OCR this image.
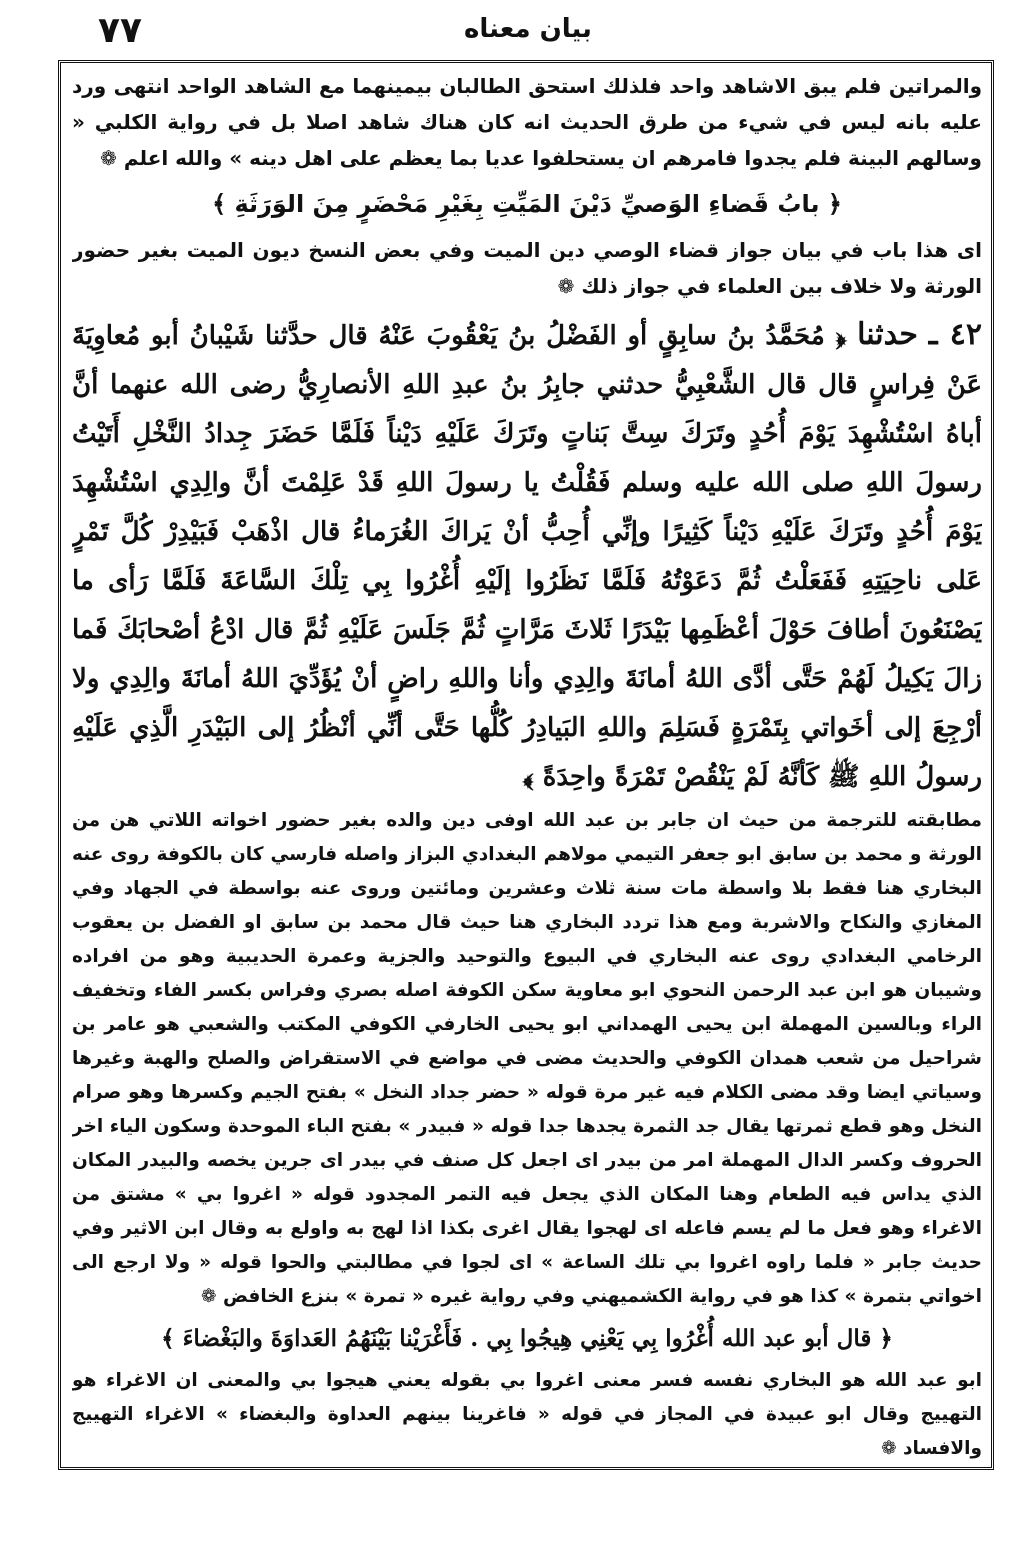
٧٧	بيان معناه

والمراتين فلم يبق الاشاهد واحد فلذلك استحق الطالبان بيمينهما مع الشاهد الواحد انتهى ورد عليه بانه ليس في شيء من طرق الحديث انه كان هناك شاهد اصلا بل في رواية الكلبي « وسالهم البينة فلم يجدوا فامرهم ان يستحلفوا عديا بما يعظم على اهل دينه » والله اعلم ❁

﴿ بابُ قَضاءِ الوَصيِّ دَيْنَ المَيِّتِ بِغَيْرِ مَحْضَرٍ مِنَ الوَرَثَةِ ﴾

اى هذا باب في بيان جواز قضاء الوصي دين الميت وفي بعض النسخ ديون الميت بغير حضور الورثة ولا خلاف بين العلماء في جواز ذلك ❁

٤٢ ـ حدثنا ﴿ مُحَمَّدُ بنُ سابِقٍ أو الفَضْلُ بنُ يَعْقُوبَ عَنْهُ قال حدَّثنا شَيْبانُ أبو مُعاوِيَةَ عَنْ فِراسٍ قال قال الشَّعْبِيُّ حدثني جابِرُ بنُ عبدِ اللهِ الأنصارِيُّ رضى الله عنهما أنَّ أباهُ اسْتُشْهِدَ يَوْمَ أُحُدٍ وتَرَكَ سِتَّ بَناتٍ وتَرَكَ عَلَيْهِ دَيْناً فَلَمَّا حَضَرَ جِدادُ النَّخْلِ أَتَيْتُ رسولَ اللهِ صلى الله عليه وسلم فَقُلْتُ يا رسولَ اللهِ قَدْ عَلِمْتَ أنَّ والِدِي اسْتُشْهِدَ يَوْمَ أُحُدٍ وتَرَكَ عَلَيْهِ دَيْناً كَثِيرًا وإنِّي أُحِبُّ أنْ يَراكَ الغُرَماءُ قال اذْهَبْ فَبَيْدِرْ كُلَّ تَمْرٍ عَلى ناحِيَتِهِ فَفَعَلْتُ ثُمَّ دَعَوْتُهُ فَلَمَّا نَظَرُوا إلَيْهِ أُغْرُوا بِي تِلْكَ السَّاعَةَ فَلَمَّا رَأى ما يَصْنَعُونَ أطافَ حَوْلَ أعْظَمِها بَيْدَرًا ثَلاثَ مَرَّاتٍ ثُمَّ جَلَسَ عَلَيْهِ ثُمَّ قال ادْعُ أصْحابَكَ فَما زالَ يَكِيلُ لَهُمْ حَتَّى أدَّى اللهُ أمانَةَ والِدِي وأنا واللهِ راضٍ أنْ يُؤَدِّيَ اللهُ أمانَةَ والِدِي ولا أرْجِعَ إلى أخَواتي بِتَمْرَةٍ فَسَلِمَ واللهِ البَيادِرُ كُلُّها حَتَّى أنِّي أنْظُرُ إلى البَيْدَرِ الَّذِي عَلَيْهِ رسولُ اللهِ ﷺ كَأنَّهُ لَمْ يَنْقُصْ تَمْرَةً واحِدَةً ﴾

مطابقته للترجمة من حيث ان جابر بن عبد الله اوفى دين والده بغير حضور اخواته اللاتي هن من الورثة و محمد بن سابق ابو جعفر التيمي مولاهم البغدادي البزاز واصله فارسي كان بالكوفة روى عنه البخاري هنا فقط بلا واسطة مات سنة ثلاث وعشرين ومائتين وروى عنه بواسطة في الجهاد وفي المغازي والنكاح والاشربة ومع هذا تردد البخاري هنا حيث قال محمد بن سابق او الفضل بن يعقوب الرخامي البغدادي روى عنه البخاري في البيوع والتوحيد والجزية وعمرة الحديبية وهو من افراده وشيبان هو ابن عبد الرحمن النحوي ابو معاوية سكن الكوفة اصله بصري وفراس بكسر الفاء وتخفيف الراء وبالسين المهملة ابن يحيى الهمداني ابو يحيى الخارفي الكوفي المكتب والشعبي هو عامر بن شراحيل من شعب همدان الكوفي والحديث مضى في مواضع في الاستقراض والصلح والهبة وغيرها وسياتي ايضا وقد مضى الكلام فيه غير مرة قوله « حضر جداد النخل » بفتح الجيم وكسرها وهو صرام النخل وهو قطع ثمرتها يقال جد الثمرة يجدها جدا قوله « فبيدر » بفتح الباء الموحدة وسكون الياء اخر الحروف وكسر الدال المهملة امر من بيدر اى اجعل كل صنف في بيدر اى جرين يخصه والبيدر المكان الذي يداس فيه الطعام وهنا المكان الذي يجعل فيه التمر المجدود قوله « اغروا بي » مشتق من الاغراء وهو فعل ما لم يسم فاعله اى لهجوا يقال اغرى بكذا اذا لهج به واولع به وقال ابن الاثير وفي حديث جابر « فلما راوه اغروا بي تلك الساعة » اى لجوا في مطالبتي والحوا قوله « ولا ارجع الى اخواتي بتمرة » كذا هو في رواية الكشميهني وفي رواية غيره « تمرة » بنزع الخافض ❁

﴿ قال أبو عبد الله أُغْرُوا بِي يَعْنِي هِيجُوا بِي . فَأَغْرَيْنا بَيْنَهُمُ العَداوَةَ والبَغْضاءَ ﴾

ابو عبد الله هو البخاري نفسه فسر معنى اغروا بي بقوله يعني هيجوا بي والمعنى ان الاغراء هو التهييج وقال ابو عبيدة في المجاز في قوله « فاغرينا بينهم العداوة والبغضاء » الاغراء التهييج والافساد ❁
